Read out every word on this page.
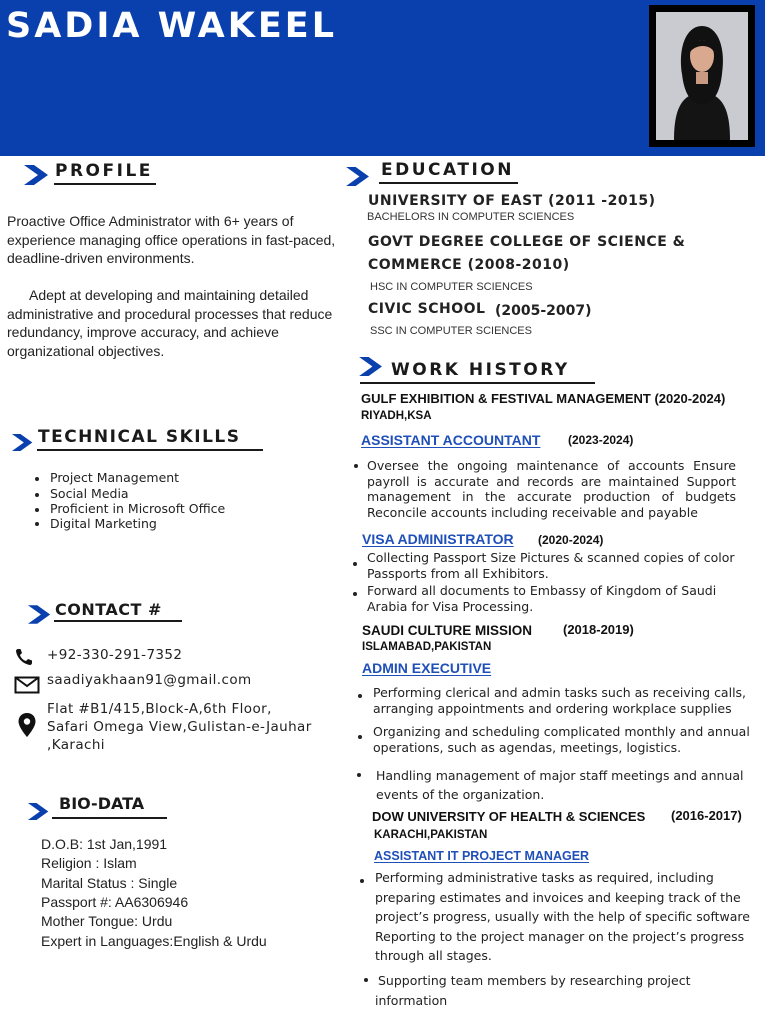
SADIA WAKEEL
PROFILE
Proactive Office Administrator with 6+ years of experience managing office operations in fast-paced, deadline-driven environments.
Adept at developing and maintaining detailed administrative and procedural processes that reduce redundancy, improve accuracy, and achieve organizational objectives.
TECHNICAL SKILLS
Project Management
Social Media
Proficient in Microsoft Office
Digital Marketing
CONTACT #
+92-330-291-7352
saadiyakhaan91@gmail.com
Flat #B1/415,Block-A,6th Floor, Safari Omega View,Gulistan-e-Jauhar ,Karachi
BIO-DATA
D.O.B: 1st Jan,1991
Religion : Islam
Marital Status : Single
Passport #: AA6306946
Mother Tongue: Urdu
Expert in Languages:English & Urdu
EDUCATION
UNIVERSITY OF EAST (2011 -2015)
BACHELORS IN COMPUTER SCIENCES
GOVT DEGREE COLLEGE OF SCIENCE &
COMMERCE (2008-2010)
HSC IN COMPUTER SCIENCES
CIVIC SCHOOL (2005-2007)
SSC IN COMPUTER SCIENCES
WORK HISTORY
GULF EXHIBITION & FESTIVAL MANAGEMENT (2020-2024)
RIYADH,KSA
ASSISTANT ACCOUNTANT (2023-2024)
Oversee the ongoing maintenance of accounts Ensure payroll is accurate and records are maintained Support management in the accurate production of budgets Reconcile accounts including receivable and payable
VISA ADMINISTRATOR (2020-2024)
Collecting Passport Size Pictures & scanned copies of color Passports from all Exhibitors.
Forward all documents to Embassy of Kingdom of Saudi Arabia for Visa Processing.
SAUDI CULTURE MISSION (2018-2019)
ISLAMABAD,PAKISTAN
ADMIN EXECUTIVE
Performing clerical and admin tasks such as receiving calls, arranging appointments and ordering workplace supplies
Organizing and scheduling complicated monthly and annual operations, such as agendas, meetings, logistics.
Handling management of major staff meetings and annual events of the organization.
DOW UNIVERSITY OF HEALTH & SCIENCES (2016-2017)
KARACHI,PAKISTAN
ASSISTANT IT PROJECT MANAGER
Performing administrative tasks as required, including preparing estimates and invoices and keeping track of the project’s progress, usually with the help of specific software Reporting to the project manager on the project’s progress through all stages.
Supporting team members by researching project information
